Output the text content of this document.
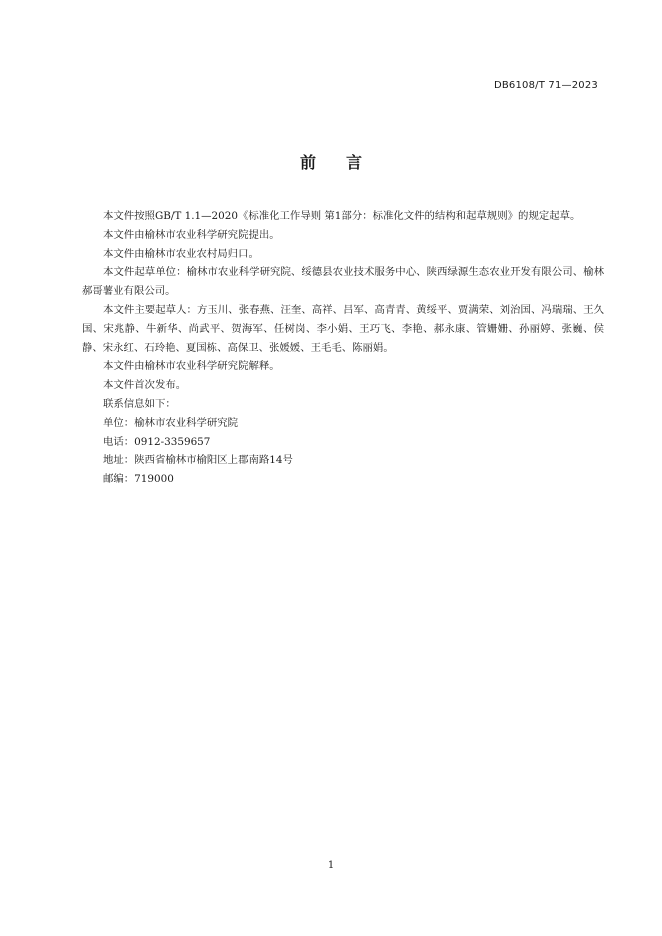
DB6108/T 71—2023
前言

本文件按照GB/T 1.1—2020《标准化工作导则 第1部分：标准化文件的结构和起草规则》的规定起草。

本文件由榆林市农业科学研究院提出。

本文件由榆林市农业农村局归口。

本文件起草单位：榆林市农业科学研究院、绥德县农业技术服务中心、陕西绿源生态农业开发有限公司、榆林郝哥薯业有限公司。

本文件主要起草人：方玉川、张春燕、汪奎、高祥、吕军、高青青、黄绥平、贾满荣、刘治国、冯瑞瑞、王久国、宋兆静、牛新华、尚武平、贺海军、任树岗、李小娟、王巧飞、李艳、郝永康、管姗姗、孙丽婷、张巍、侯静、宋永红、石玲艳、夏国栋、高保卫、张媛媛、王毛毛、陈丽娟。

本文件由榆林市农业科学研究院解释。

本文件首次发布。

联系信息如下：

单位：榆林市农业科学研究院

电话：0912-3359657

地址：陕西省榆林市榆阳区上郡南路14号

邮编：719000

1
